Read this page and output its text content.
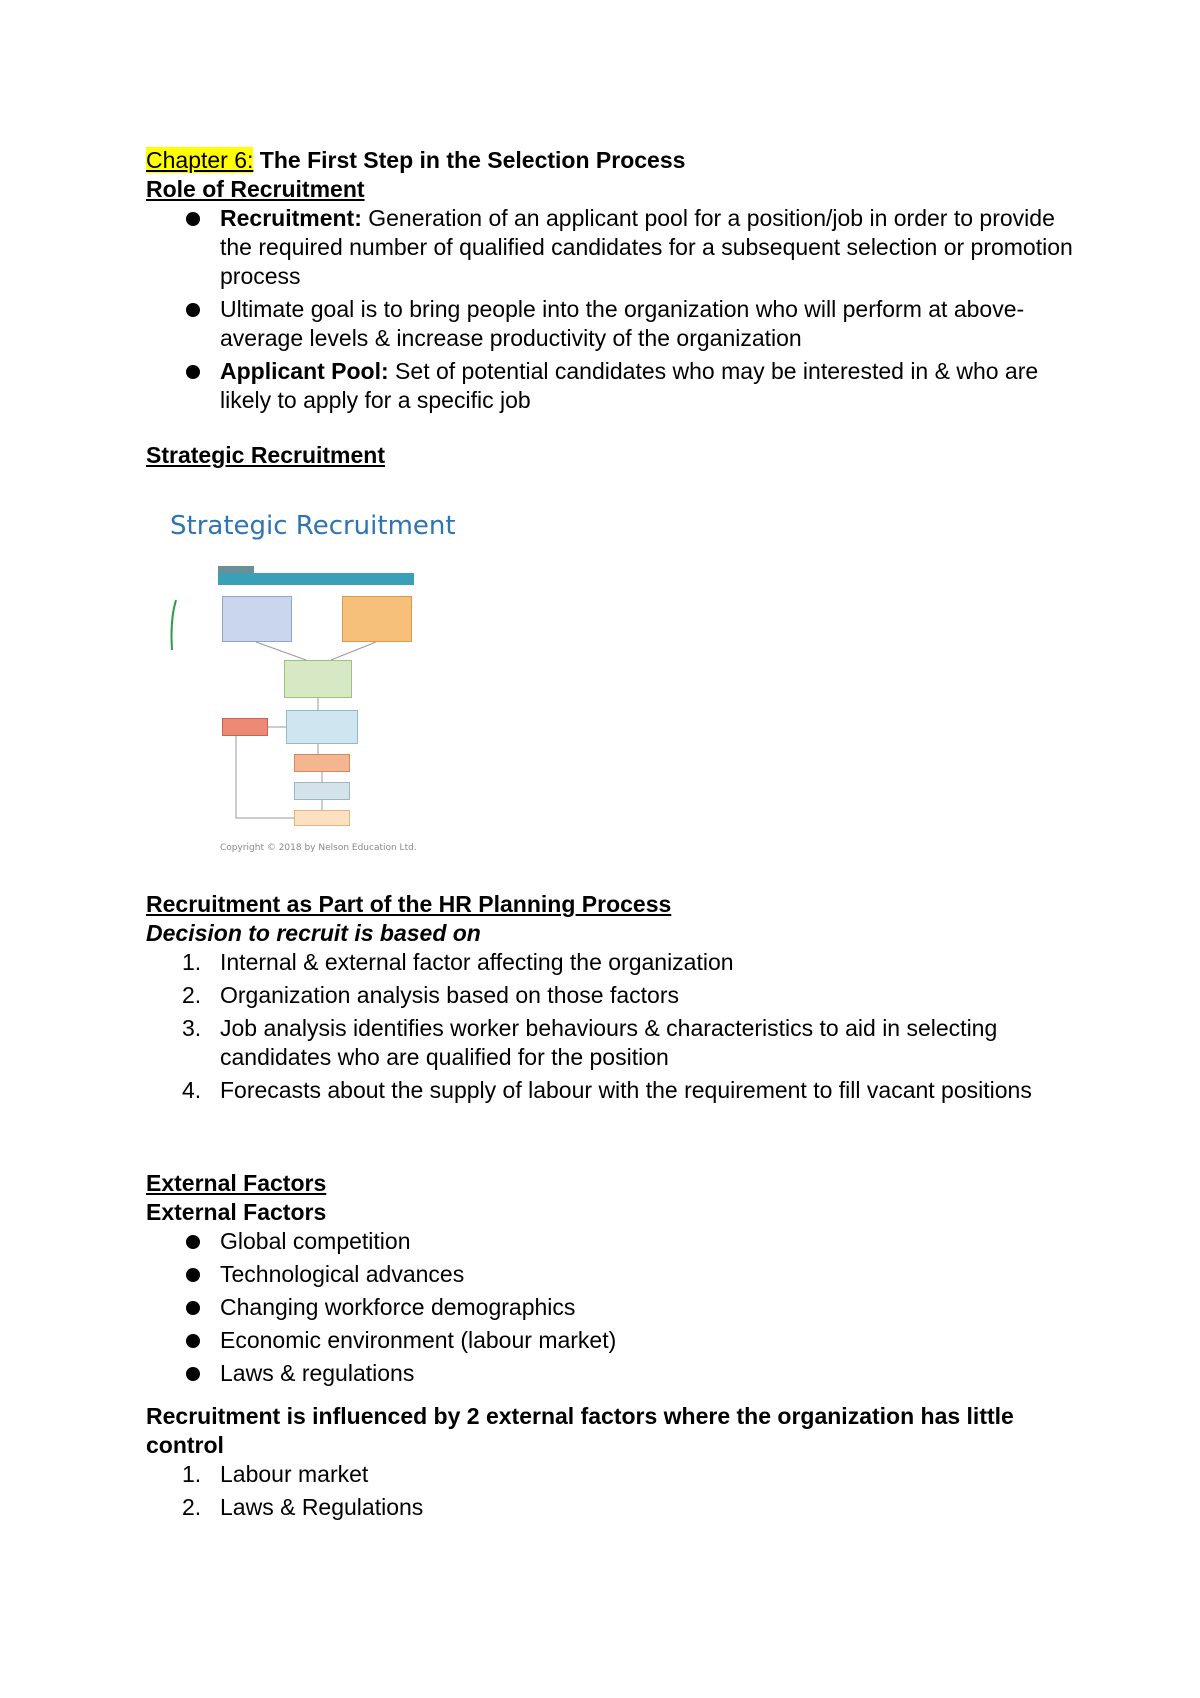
Chapter 6: The First Step in the Selection Process

Role of Recruitment

Recruitment: Generation of an applicant pool for a position/job in order to provide the required number of qualified candidates for a subsequent selection or promotion process
Ultimate goal is to bring people into the organization who will perform at above-average levels & increase productivity of the organization
Applicant Pool: Set of potential candidates who may be interested in & who are likely to apply for a specific job

Strategic Recruitment

Strategic Recruitment
Copyright © 2018 by Nelson Education Ltd.

Recruitment as Part of the HR Planning Process

Decision to recruit is based on

1. Internal & external factor affecting the organization
2. Organization analysis based on those factors
3. Job analysis identifies worker behaviours & characteristics to aid in selecting candidates who are qualified for the position
4. Forecasts about the supply of labour with the requirement to fill vacant positions

External Factors

External Factors

Global competition
Technological advances
Changing workforce demographics
Economic environment (labour market)
Laws & regulations

Recruitment is influenced by 2 external factors where the organization has little control

1. Labour market
2. Laws & Regulations
